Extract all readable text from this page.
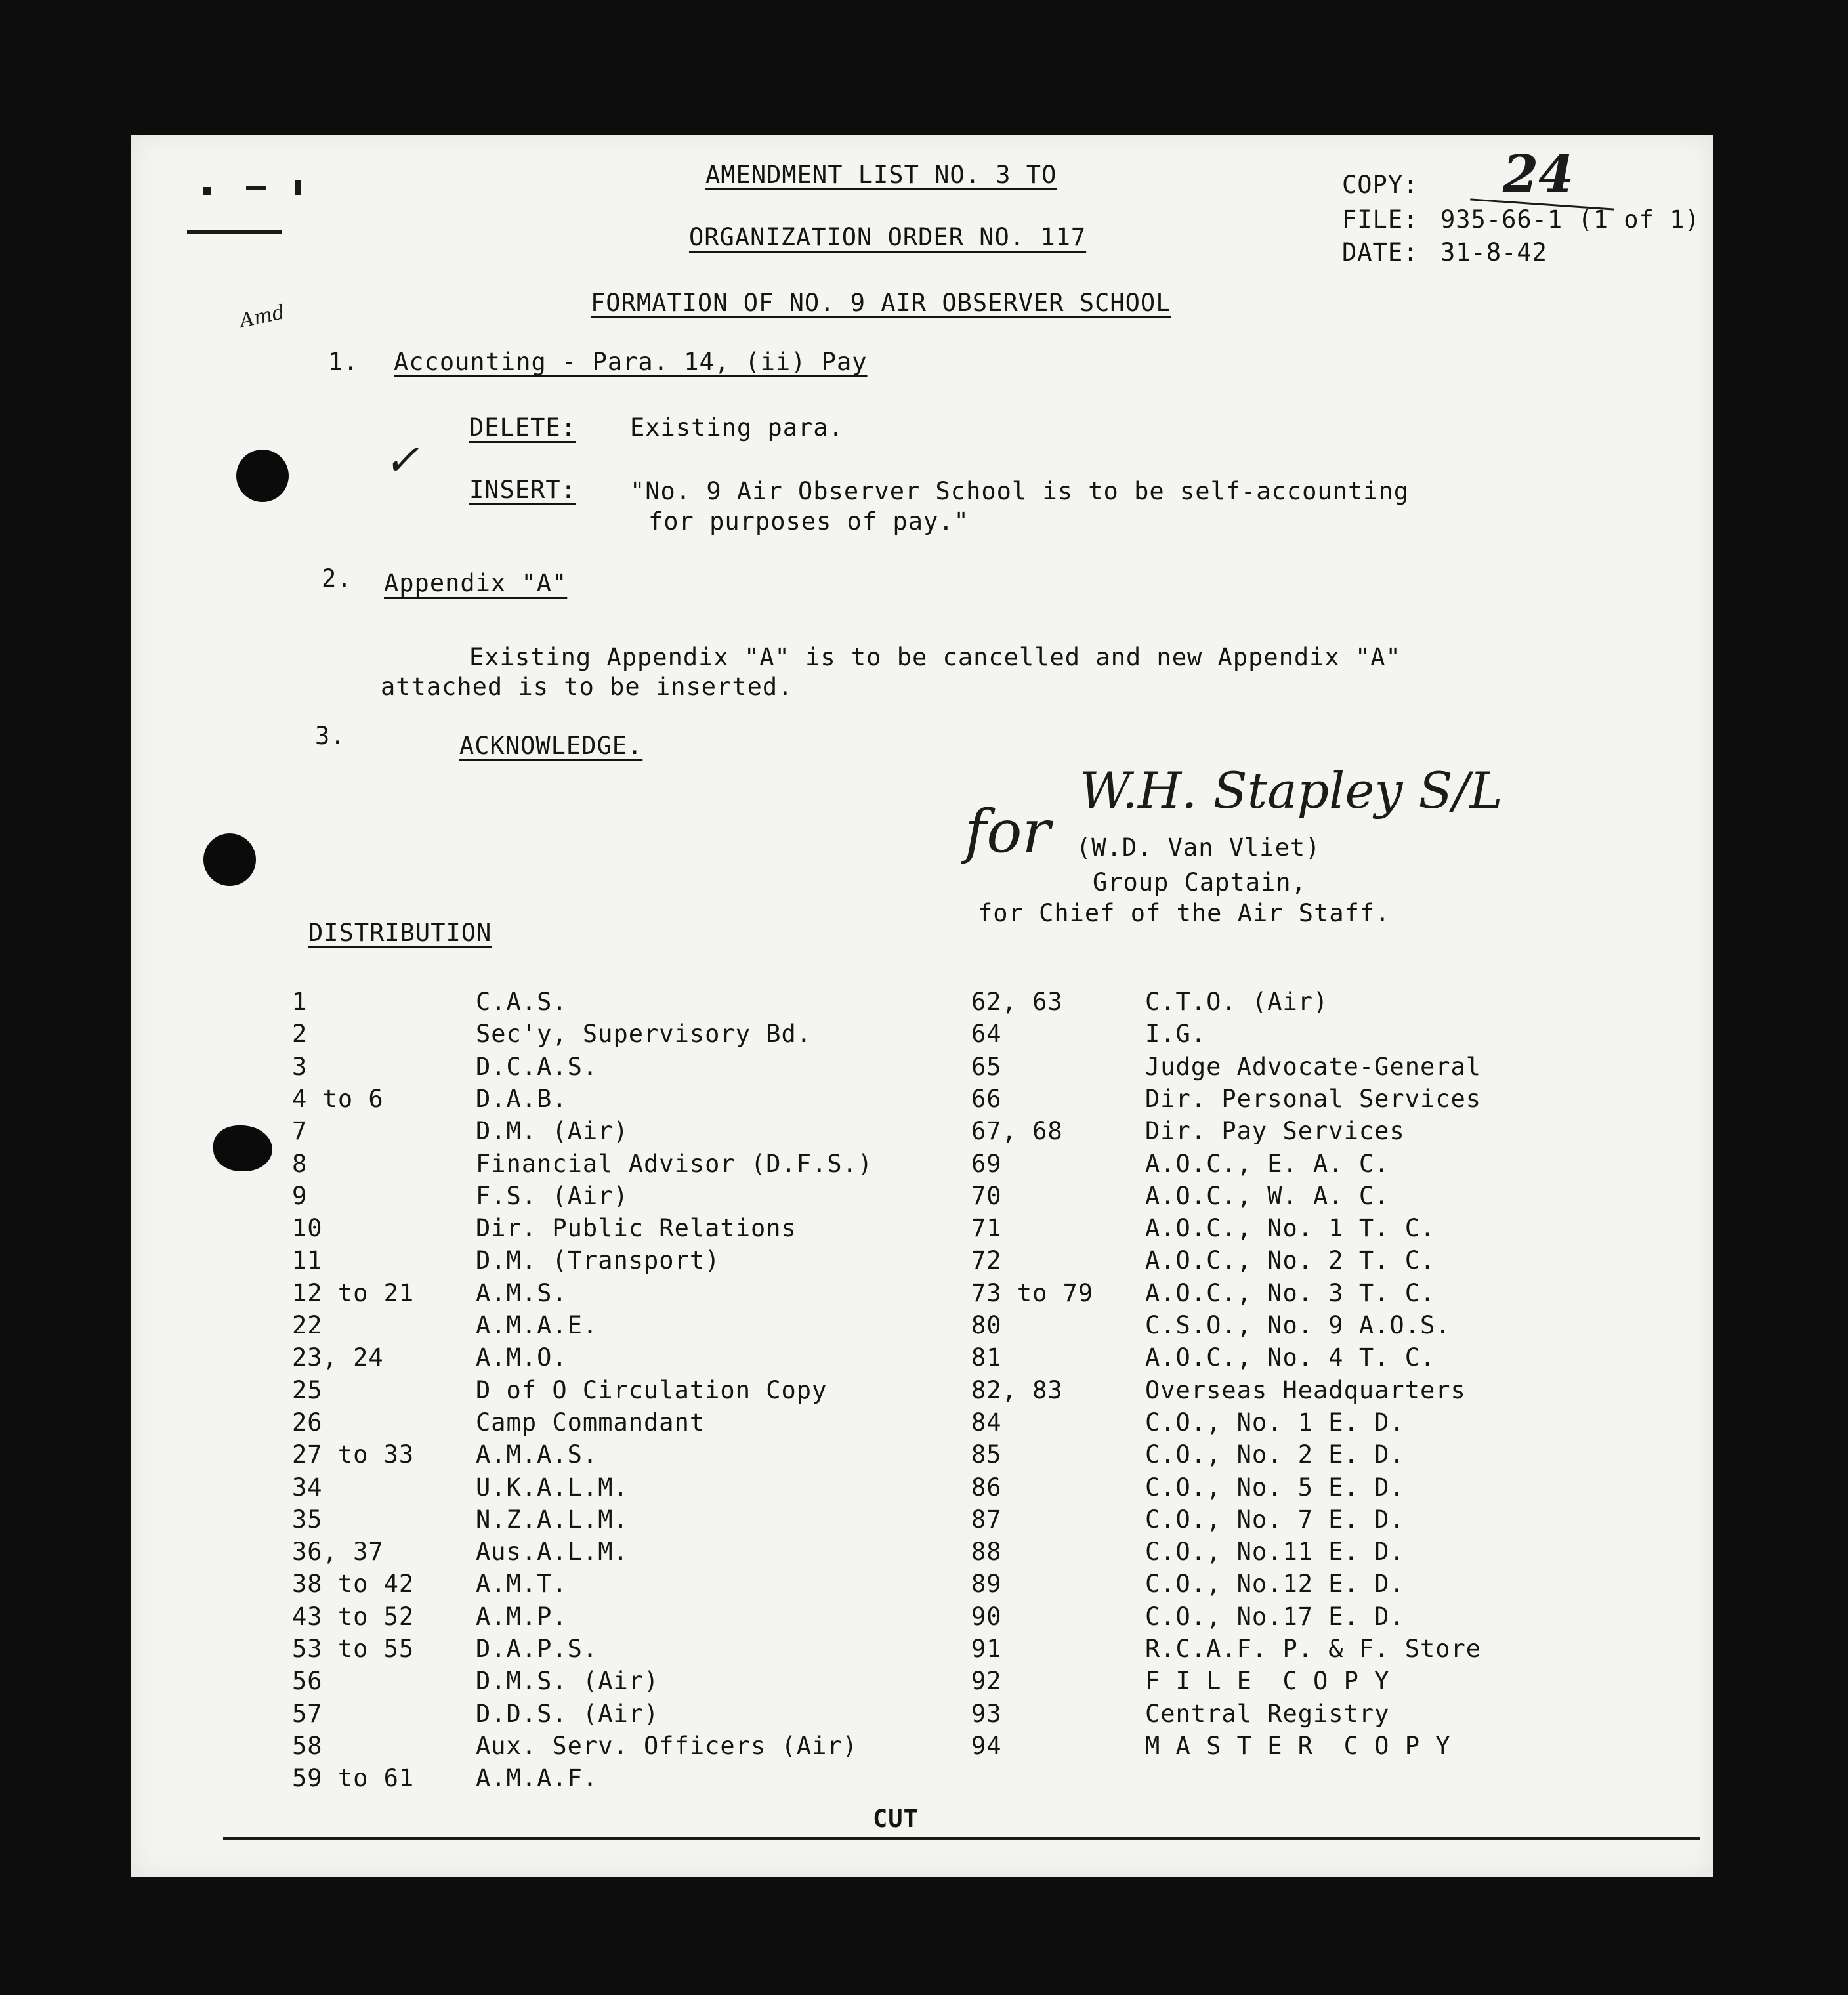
Amd
AMENDMENT LIST NO. 3 TO
ORGANIZATION ORDER NO. 117
FORMATION OF NO. 9 AIR OBSERVER SCHOOL
COPY: 24
FILE: 935-66-1 (1 of 1)
DATE: 31-8-42
1. Accounting - Para. 14, (ii) Pay
DELETE: Existing para.
✓
INSERT: "No. 9 Air Observer School is to be self-accounting
for purposes of pay."
2. Appendix "A"
Existing Appendix "A" is to be cancelled and new Appendix "A"
attached is to be inserted.
3.	ACKNOWLEDGE.
for
W.H. Stapley S/L
(W.D. Van Vliet)
Group Captain,
for Chief of the Air Staff.
DISTRIBUTION
1	C.A.S.
2	Sec'y, Supervisory Bd.
3	D.C.A.S.
4 to 6	D.A.B.
7	D.M. (Air)
8	Financial Advisor (D.F.S.)
9	F.S. (Air)
10	Dir. Public Relations
11	D.M. (Transport)
12 to 21	A.M.S.
22	A.M.A.E.
23, 24	A.M.O.
25	D of O Circulation Copy
26	Camp Commandant
27 to 33	A.M.A.S.
34	U.K.A.L.M.
35	N.Z.A.L.M.
36, 37	Aus.A.L.M.
38 to 42	A.M.T.
43 to 52	A.M.P.
53 to 55	D.A.P.S.
56	D.M.S. (Air)
57	D.D.S. (Air)
58	Aux. Serv. Officers (Air)
59 to 61	A.M.A.F.
62, 63	C.T.O. (Air)
64	I.G.
65	Judge Advocate-General
66	Dir. Personal Services
67, 68	Dir. Pay Services
69	A.O.C., E. A. C.
70	A.O.C., W. A. C.
71	A.O.C., No. 1 T. C.
72	A.O.C., No. 2 T. C.
73 to 79 A.O.C., No. 3 T. C.
80	C.S.O., No. 9 A.O.S.
81	A.O.C., No. 4 T. C.
82, 83	Overseas Headquarters
84	C.O., No. 1 E. D.
85	C.O., No. 2 E. D.
86	C.O., No. 5 E. D.
87	C.O., No. 7 E. D.
88	C.O., No.11 E. D.
89	C.O., No.12 E. D.
90	C.O., No.17 E. D.
91	R.C.A.F. P. & F. Store
92	F I L E  C O P Y
93	Central Registry
94	M A S T E R  C O P Y
CUT
